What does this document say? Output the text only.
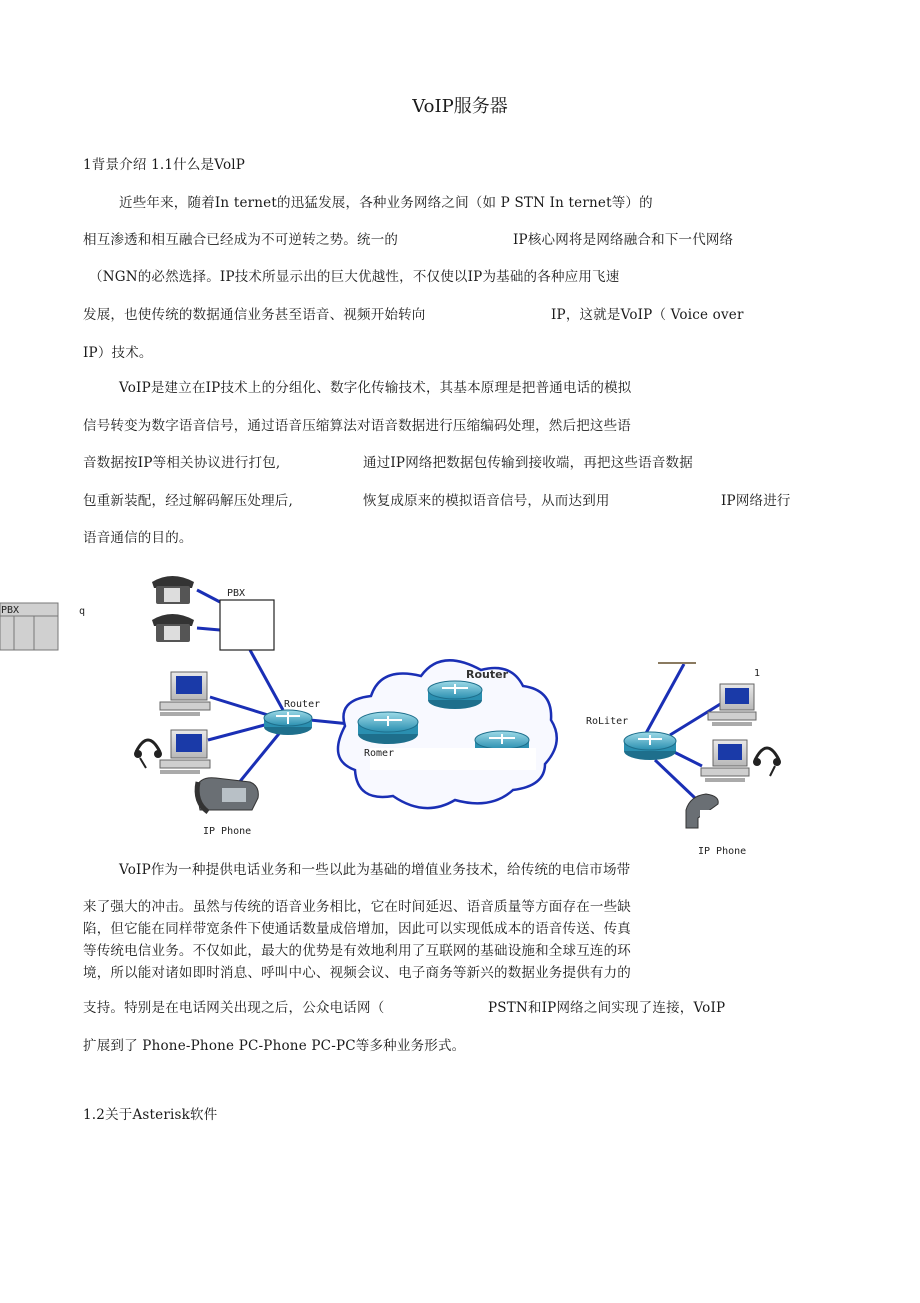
VoIP服务器
1背景介绍 1.1什么是VolP
近些年来，随着In ternet的迅猛发展，各种业务网络之间（如 P STN In ternet等）的
相互渗透和相互融合已经成为不可逆转之势。统一的	IP核心网将是网络融合和下一代网络
（NGN的必然选择。IP技术所显示出的巨大优越性，不仅使以IP为基础的各种应用飞速
发展，也使传统的数据通信业务甚至语音、视频开始转向	IP，这就是VoIP（ Voice over
IP）技术。
VoIP是建立在IP技术上的分组化、数字化传输技术，其基本原理是把普通电话的模拟
信号转变为数字语音信号，通过语音压缩算法对语音数据进行压缩编码处理，然后把这些语
音数据按IP等相关协议进行打包,	通过IP网络把数据包传输到接收端，再把这些语音数据
包重新装配，经过解码解压处理后,	恢复成原来的模拟语音信号，从而达到用	IP网络进行
语音通信的目的。
PBX	q
PBX
IP Phone
Router
Router
Romer
1
RoLiter
IP Phone
VoIP作为一种提供电话业务和一些以此为基础的增值业务技术，给传统的电信市场带
来了强大的冲击。虽然与传统的语音业务相比，它在时间延迟、语音质量等方面存在一些缺
陷，但它能在同样带宽条件下使通话数量成倍增加，因此可以实现低成本的语音传送、传真
等传统电信业务。不仅如此，最大的优势是有效地利用了互联网的基础设施和全球互连的环
境，所以能对诸如即时消息、呼叫中心、视频会议、电子商务等新兴的数据业务提供有力的
支持。特别是在电话网关出现之后，公众电话网（	PSTN和IP网络之间实现了连接，VoIP
扩展到了 Phone-Phone PC-Phone PC-PC等多种业务形式。
1.2关于Asterisk软件
